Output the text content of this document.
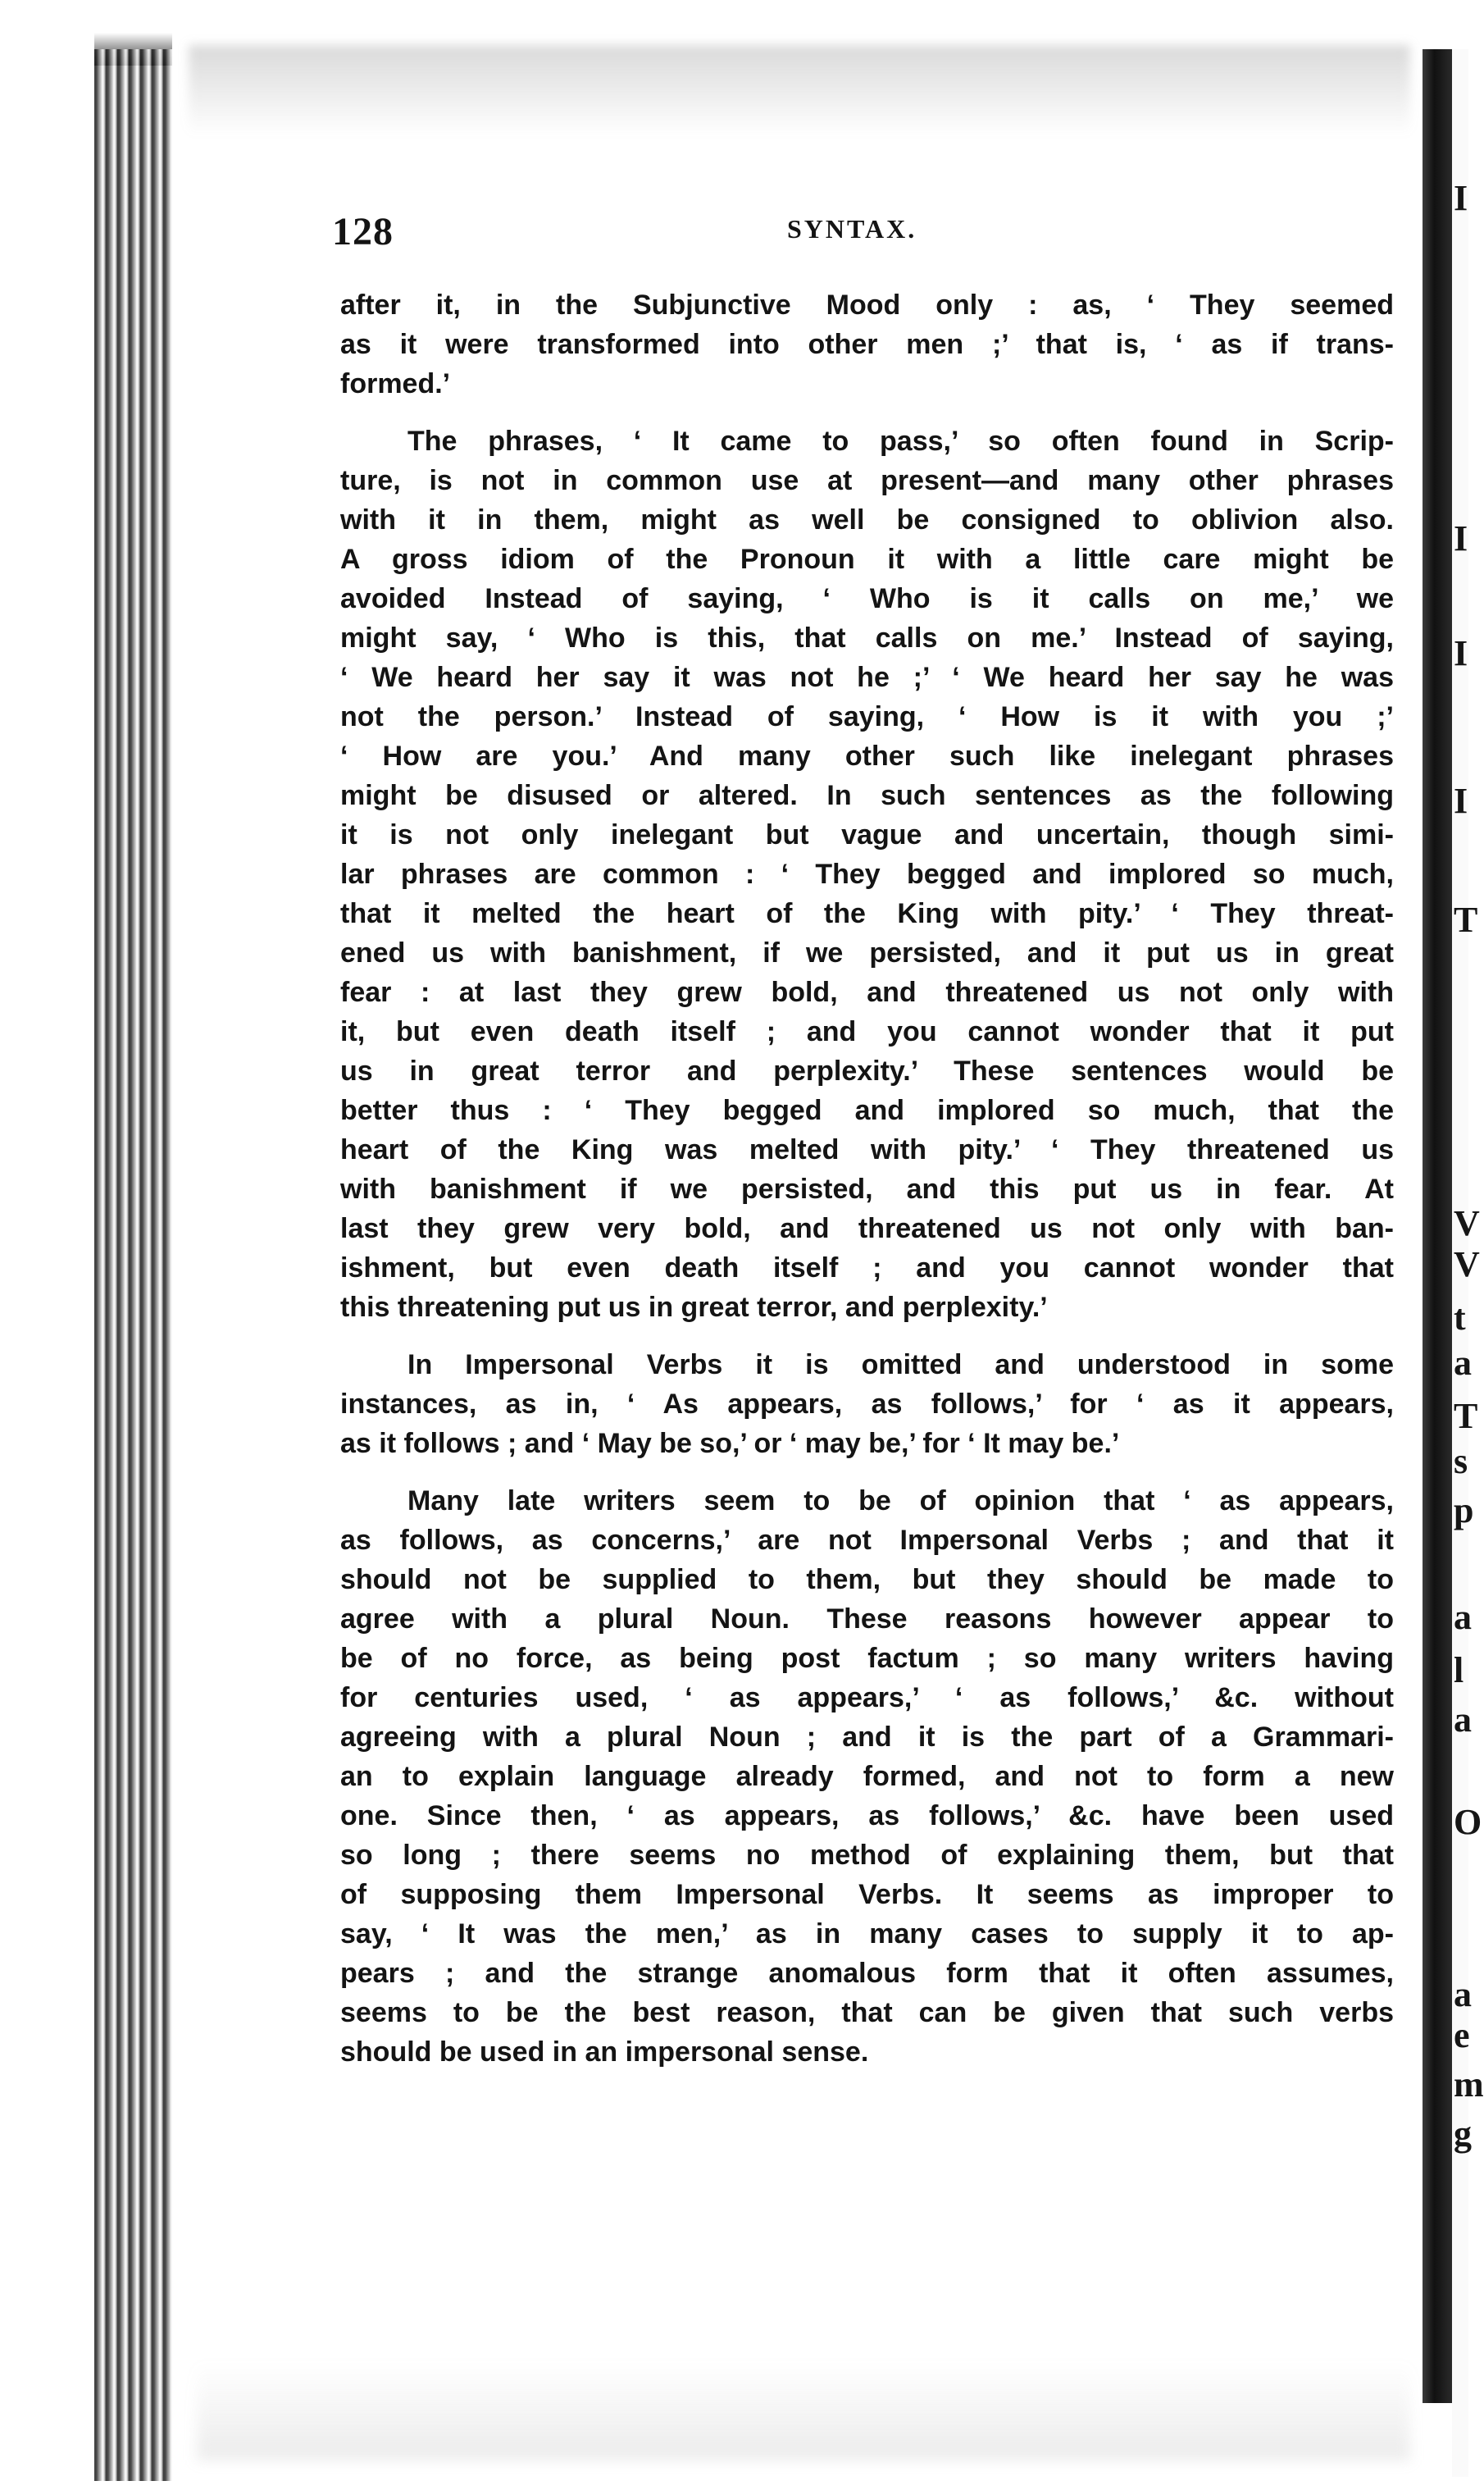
I
I
I
I
T
V
V
t
a
T
s
p
a
l
a
O
a
e
m
g
128	SYNTAX.

after it, in the Subjunctive Mood only : as, ‘ They seemed
as it were transformed into other men ;’ that is, ‘ as if trans-
formed.’

The phrases, ‘ It came to pass,’ so often found in Scrip-
ture, is not in common use at present—and many other phrases
with it in them, might as well be consigned to oblivion also.
A gross idiom of the Pronoun it with a little care might be
avoided Instead of saying, ‘ Who is it calls on me,’ we
might say, ‘ Who is this, that calls on me.’ Instead of saying,
‘ We heard her say it was not he ;’ ‘ We heard her say he was
not the person.’ Instead of saying, ‘ How is it with you ;’
‘ How are you.’ And many other such like inelegant phrases
might be disused or altered. In such sentences as the following
it is not only inelegant but vague and uncertain, though simi-
lar phrases are common : ‘ They begged and implored so much,
that it melted the heart of the King with pity.’ ‘ They threat-
ened us with banishment, if we persisted, and it put us in great
fear : at last they grew bold, and threatened us not only with
it, but even death itself ; and you cannot wonder that it put
us in great terror and perplexity.’ These sentences would be
better thus : ‘ They begged and implored so much, that the
heart of the King was melted with pity.’ ‘ They threatened us
with banishment if we persisted, and this put us in fear. At
last they grew very bold, and threatened us not only with ban-
ishment, but even death itself ; and you cannot wonder that
this threatening put us in great terror, and perplexity.’

In Impersonal Verbs it is omitted and understood in some
instances, as in, ‘ As appears, as follows,’ for ‘ as it appears,
as it follows ; and ‘ May be so,’ or ‘ may be,’ for ‘ It may be.’

Many late writers seem to be of opinion that ‘ as appears,
as follows, as concerns,’ are not Impersonal Verbs ; and that it
should not be supplied to them, but they should be made to
agree with a plural Noun. These reasons however appear to
be of no force, as being post factum ; so many writers having
for centuries used, ‘ as appears,’ ‘ as follows,’ &c. without
agreeing with a plural Noun ; and it is the part of a Grammari-
an to explain language already formed, and not to form a new
one. Since then, ‘ as appears, as follows,’ &c. have been used
so long ; there seems no method of explaining them, but that
of supposing them Impersonal Verbs. It seems as improper to
say, ‘ It was the men,’ as in many cases to supply it to ap-
pears ; and the strange anomalous form that it often assumes,
seems to be the best reason, that can be given that such verbs
should be used in an impersonal sense.
